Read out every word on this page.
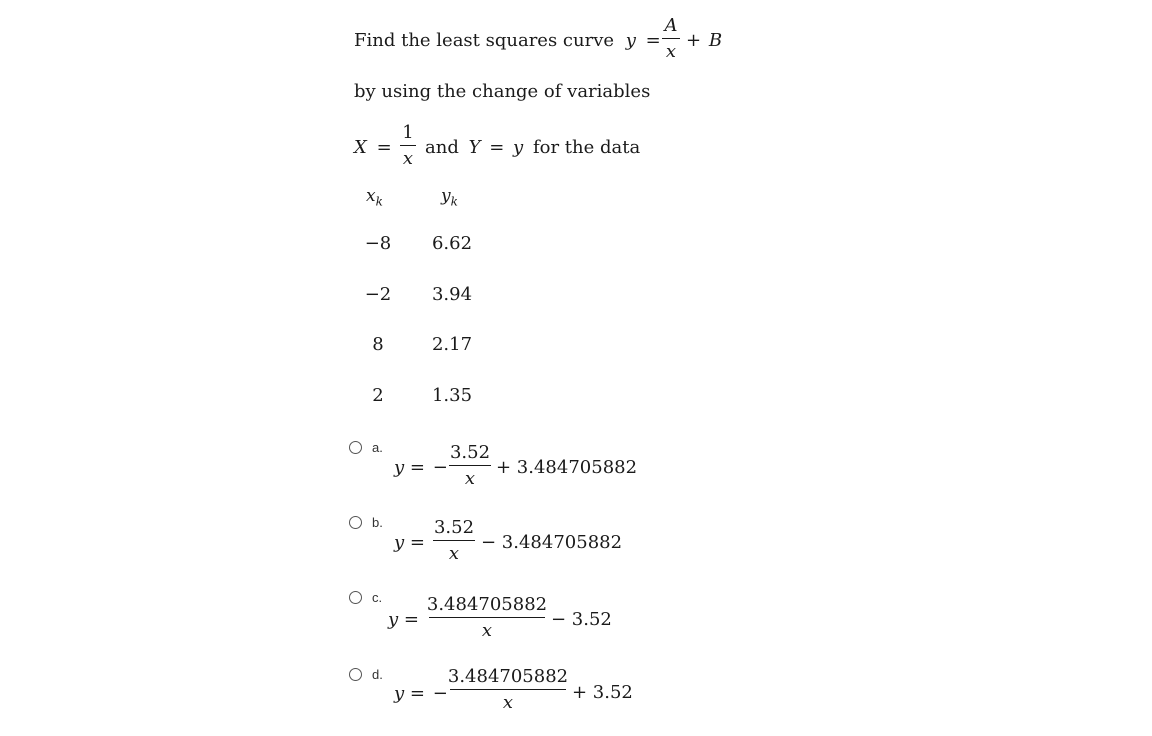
Find the least squares curve y =
A
x
+ B
by using the change of variables
X =
1
x
and Y = y for the data
$x_k$	$y_k$
−8	6.62
−2	3.94
8	2.17
2	1.35
a.
y = −
3.52
x
+ 3.484705882
b.
y =
3.52
x
− 3.484705882
c.
y =
3.484705882
x
− 3.52
d.
y = −
3.484705882
x	+ 3.52
